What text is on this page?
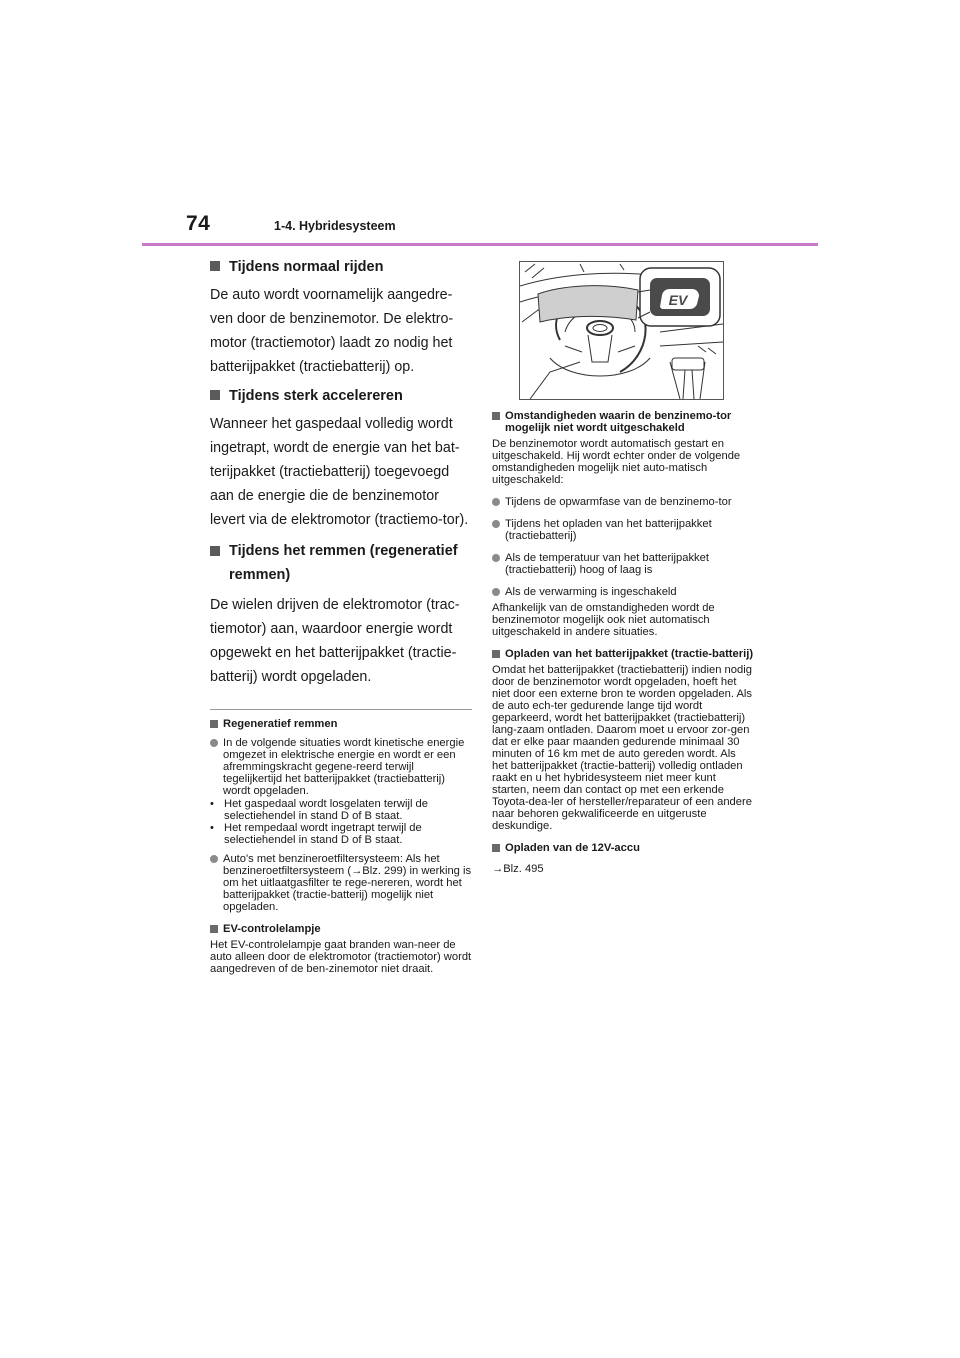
74	1-4. Hybridesysteem
Tijdens normaal rijden
De auto wordt voornamelijk aangedre-ven door de benzinemotor. De elektro-motor (tractiemotor) laadt zo nodig het batterijpakket (tractiebatterij) op.
Tijdens sterk accelereren
Wanneer het gaspedaal volledig wordt ingetrapt, wordt de energie van het bat-terijpakket (tractiebatterij) toegevoegd aan de energie die de benzinemotor levert via de elektromotor (tractiemo-tor).
Tijdens het remmen (regeneratief remmen)
De wielen drijven de elektromotor (trac-tiemotor) aan, waardoor energie wordt opgewekt en het batterijpakket (tractie-batterij) wordt opgeladen.
Regeneratief remmen
In de volgende situaties wordt kinetische energie omgezet in elektrische energie en wordt er een afremmingskracht gegene-reerd terwijl tegelijkertijd het batterijpakket (tractiebatterij) wordt opgeladen.
• Het gaspedaal wordt losgelaten terwijl de selectiehendel in stand D of B staat.
• Het rempedaal wordt ingetrapt terwijl de selectiehendel in stand D of B staat.
Auto's met benzineroetfiltersysteem: Als het benzineroetfiltersysteem (→Blz. 299) in werking is om het uitlaatgasfilter te rege-nereren, wordt het batterijpakket (tractie-batterij) mogelijk niet opgeladen.
EV-controlelampje
Het EV-controlelampje gaat branden wan-neer de auto alleen door de elektromotor (tractiemotor) wordt aangedreven of de ben-zinemotor niet draait.
EV
Omstandigheden waarin de benzinemo-tor mogelijk niet wordt uitgeschakeld
De benzinemotor wordt automatisch gestart en uitgeschakeld. Hij wordt echter onder de volgende omstandigheden mogelijk niet auto-matisch uitgeschakeld:
Tijdens de opwarmfase van de benzinemo-tor
Tijdens het opladen van het batterijpakket (tractiebatterij)
Als de temperatuur van het batterijpakket (tractiebatterij) hoog of laag is
Als de verwarming is ingeschakeld
Afhankelijk van de omstandigheden wordt de benzinemotor mogelijk ook niet automatisch uitgeschakeld in andere situaties.
Opladen van het batterijpakket (tractie-batterij)
Omdat het batterijpakket (tractiebatterij) indien nodig door de benzinemotor wordt opgeladen, hoeft het niet door een externe bron te worden opgeladen. Als de auto ech-ter gedurende lange tijd wordt geparkeerd, wordt het batterijpakket (tractiebatterij) lang-zaam ontladen. Daarom moet u ervoor zor-gen dat er elke paar maanden gedurende minimaal 30 minuten of 16 km met de auto gereden wordt. Als het batterijpakket (tractie-batterij) volledig ontladen raakt en u het hybridesysteem niet meer kunt starten, neem dan contact op met een erkende Toyota-dea-ler of hersteller/reparateur of een andere naar behoren gekwalificeerde en uitgeruste deskundige.
Opladen van de 12V-accu
→Blz. 495
